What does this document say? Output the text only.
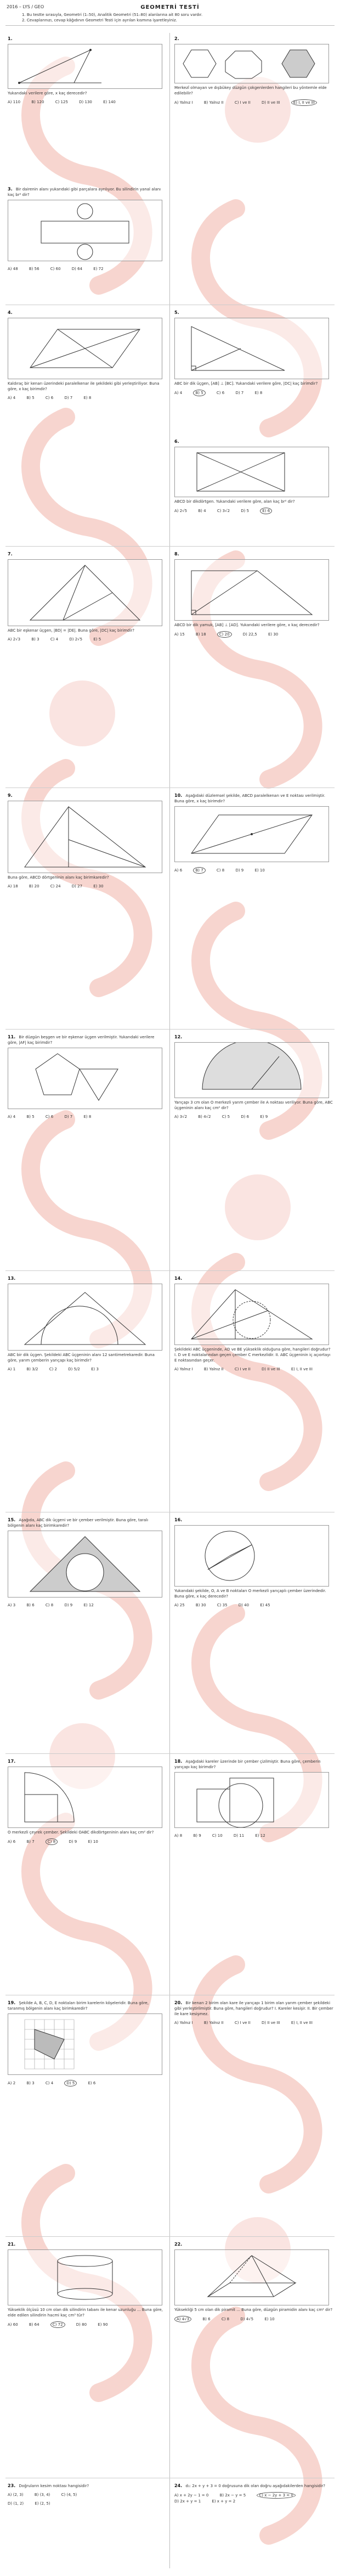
2016 – LYS / GEO	GEOMETRİ TESTİ
1. Bu testte sırasıyla, Geometri (1–50), Analitik Geometri (51–80) alanlarına ait 80 soru vardır.
2. Cevaplarınızı, cevap kâğıdının Geometri Testi için ayrılan kısmına işaretleyiniz.
1.  Yukarıdaki verilere göre, x kaç derecedir?
A) 110	B) 120	C) 125	D) 130	E) 140
2.  Merkezî olmayan ve dışbükey düzgün çokgenlerden hangileri bu yöntemle elde edilebilir?
A) Yalnız I	B) Yalnız II	C) I ve II	D) II ve III	E) I, II ve III
3. Bir dairenin alanı yukarıdaki gibi parçalara ayrılıyor. Bu silindirin yanal alanı kaç br² dir?
A) 48	B) 56	C) 60	D) 64	E) 72
4.  Kaldıraç bir kenarı üzerindeki paralelkenar ile şekildeki gibi yerleştiriliyor. Buna göre, x kaç birimdir?
A) 4	B) 5	C) 6	D) 7	E) 8
5.  ABC bir dik üçgen, [AB] ⊥ [BC]. Yukarıdaki verilere göre, |DC| kaç birimdir?
A) 4	B) 5	C) 6	D) 7	E) 8
6.  ABCD bir dikdörtgen. Yukarıdaki verilere göre, alan kaç br² dir?
A) 2√5	B) 4	C) 3√2	D) 5	E) 6
7.  ABC bir eşkenar üçgen, |BD| = |DE|. Buna göre, |DC| kaç birimdir?
A) 2√3	B) 3	C) 4	D) 2√5	E) 5
8.  ABCD bir dik yamuk, [AB] ⊥ [AD]. Yukarıdaki verilere göre, x kaç derecedir?
A) 15	B) 18	C) 20	D) 22,5	E) 30
9.  Buna göre, ABCD dörtgeninin alanı kaç birimkaredir?
A) 18	B) 20	C) 24	D) 27	E) 30
10. Aşağıdaki düzlemsel şekilde, ABCD paralelkenarı ve E noktası verilmiştir. Buna göre, x kaç birimdir?
A) 6	B) 7	C) 8	D) 9	E) 10
11. Bir düzgün beşgen ve bir eşkenar üçgen verilmiştir. Yukarıdaki verilere göre, |AF| kaç birimdir?
A) 4	B) 5	C) 6	D) 7	E) 8
12.  Yarıçapı 3 cm olan O merkezli yarım çember ile A noktası veriliyor. Buna göre, ABC üçgeninin alanı kaç cm² dir?
A) 3√2	B) 4√2	C) 5	D) 6	E) 9
13.  ABC bir dik üçgen. Şekildeki ABC üçgeninin alanı 12 santimetrekaredir. Buna göre, yarım çemberin yarıçapı kaç birimdir?
A) 1	B) 3/2	C) 2	D) 5/2	E) 3
14.  Şekildeki ABC üçgeninde, AD ve BE yükseklik olduğuna göre, hangileri doğrudur? I. D ve E noktalarından geçen çember C merkezlidir. II. ABC üçgeninin iç açıortayı E noktasından geçer.
A) Yalnız I	B) Yalnız II	C) I ve II	D) II ve III	E) I, II ve III
15. Aşağıda, ABC dik üçgeni ve bir çember verilmiştir. Buna göre, taralı bölgenin alanı kaç birimkaredir?
A) 3	B) 6	C) 8	D) 9	E) 12
16.  Yukarıdaki şekilde, O, A ve B noktaları O merkezli yarıçaplı çember üzerindedir. Buna göre, x kaç derecedir?
A) 25	B) 30	C) 35	D) 40	E) 45
17.  O merkezli çeyrek çember. Şekildeki OABC dikdörtgeninin alanı kaç cm² dir?
A) 6	B) 7	C) 8	D) 9	E) 10
18. Aşağıdaki kareler üzerinde bir çember çizilmiştir. Buna göre, çemberin yarıçapı kaç birimdir?
A) 8	B) 9	C) 10	D) 11	E) 12
19. Şekilde A, B, C, D, E noktaları birim karelerin köşeleridir. Buna göre, taranmış bölgenin alanı kaç birimkaredir?
A) 2	B) 3	C) 4	D) 5	E) 6
20. Bir kenarı 2 birim olan kare ile yarıçapı 1 birim olan yarım çember şekildeki gibi yerleştirilmiştir. Buna göre, hangileri doğrudur? I. Kareler kesişir. II. Bir çember ile kare kesişmez.
A) Yalnız I	B) Yalnız II	C) I ve II	D) II ve III	E) I, II ve III
21.  Yükseklik ölçüsü 10 cm olan dik silindirin tabanı ile kenar uzunluğu ... Buna göre, elde edilen silindirin hacmi kaç cm³ tür?
A) 60	B) 64	C) 72	D) 80	E) 90
22.  Yüksekliği 5 cm olan dik piramit ... Buna göre, düzgün piramidin alanı kaç cm² dir?
A) 4√3	B) 6	C) 8	D) 4√5	E) 10
23. Doğruların kesim noktası hangisidir?
A) (2, 3)	B) (3, 4)	C) (4, 5)
D) (1, 2)	E) (2, 5)
24. d₁: 2x + y + 3 = 0 doğrusuna dik olan doğru aşağıdakilerden hangisidir?
A) x + 2y − 1 = 0	B) 2x − y = 5	C) x − 2y + 3 = 0 D) 2x + y = 1	E) x + y = 2
